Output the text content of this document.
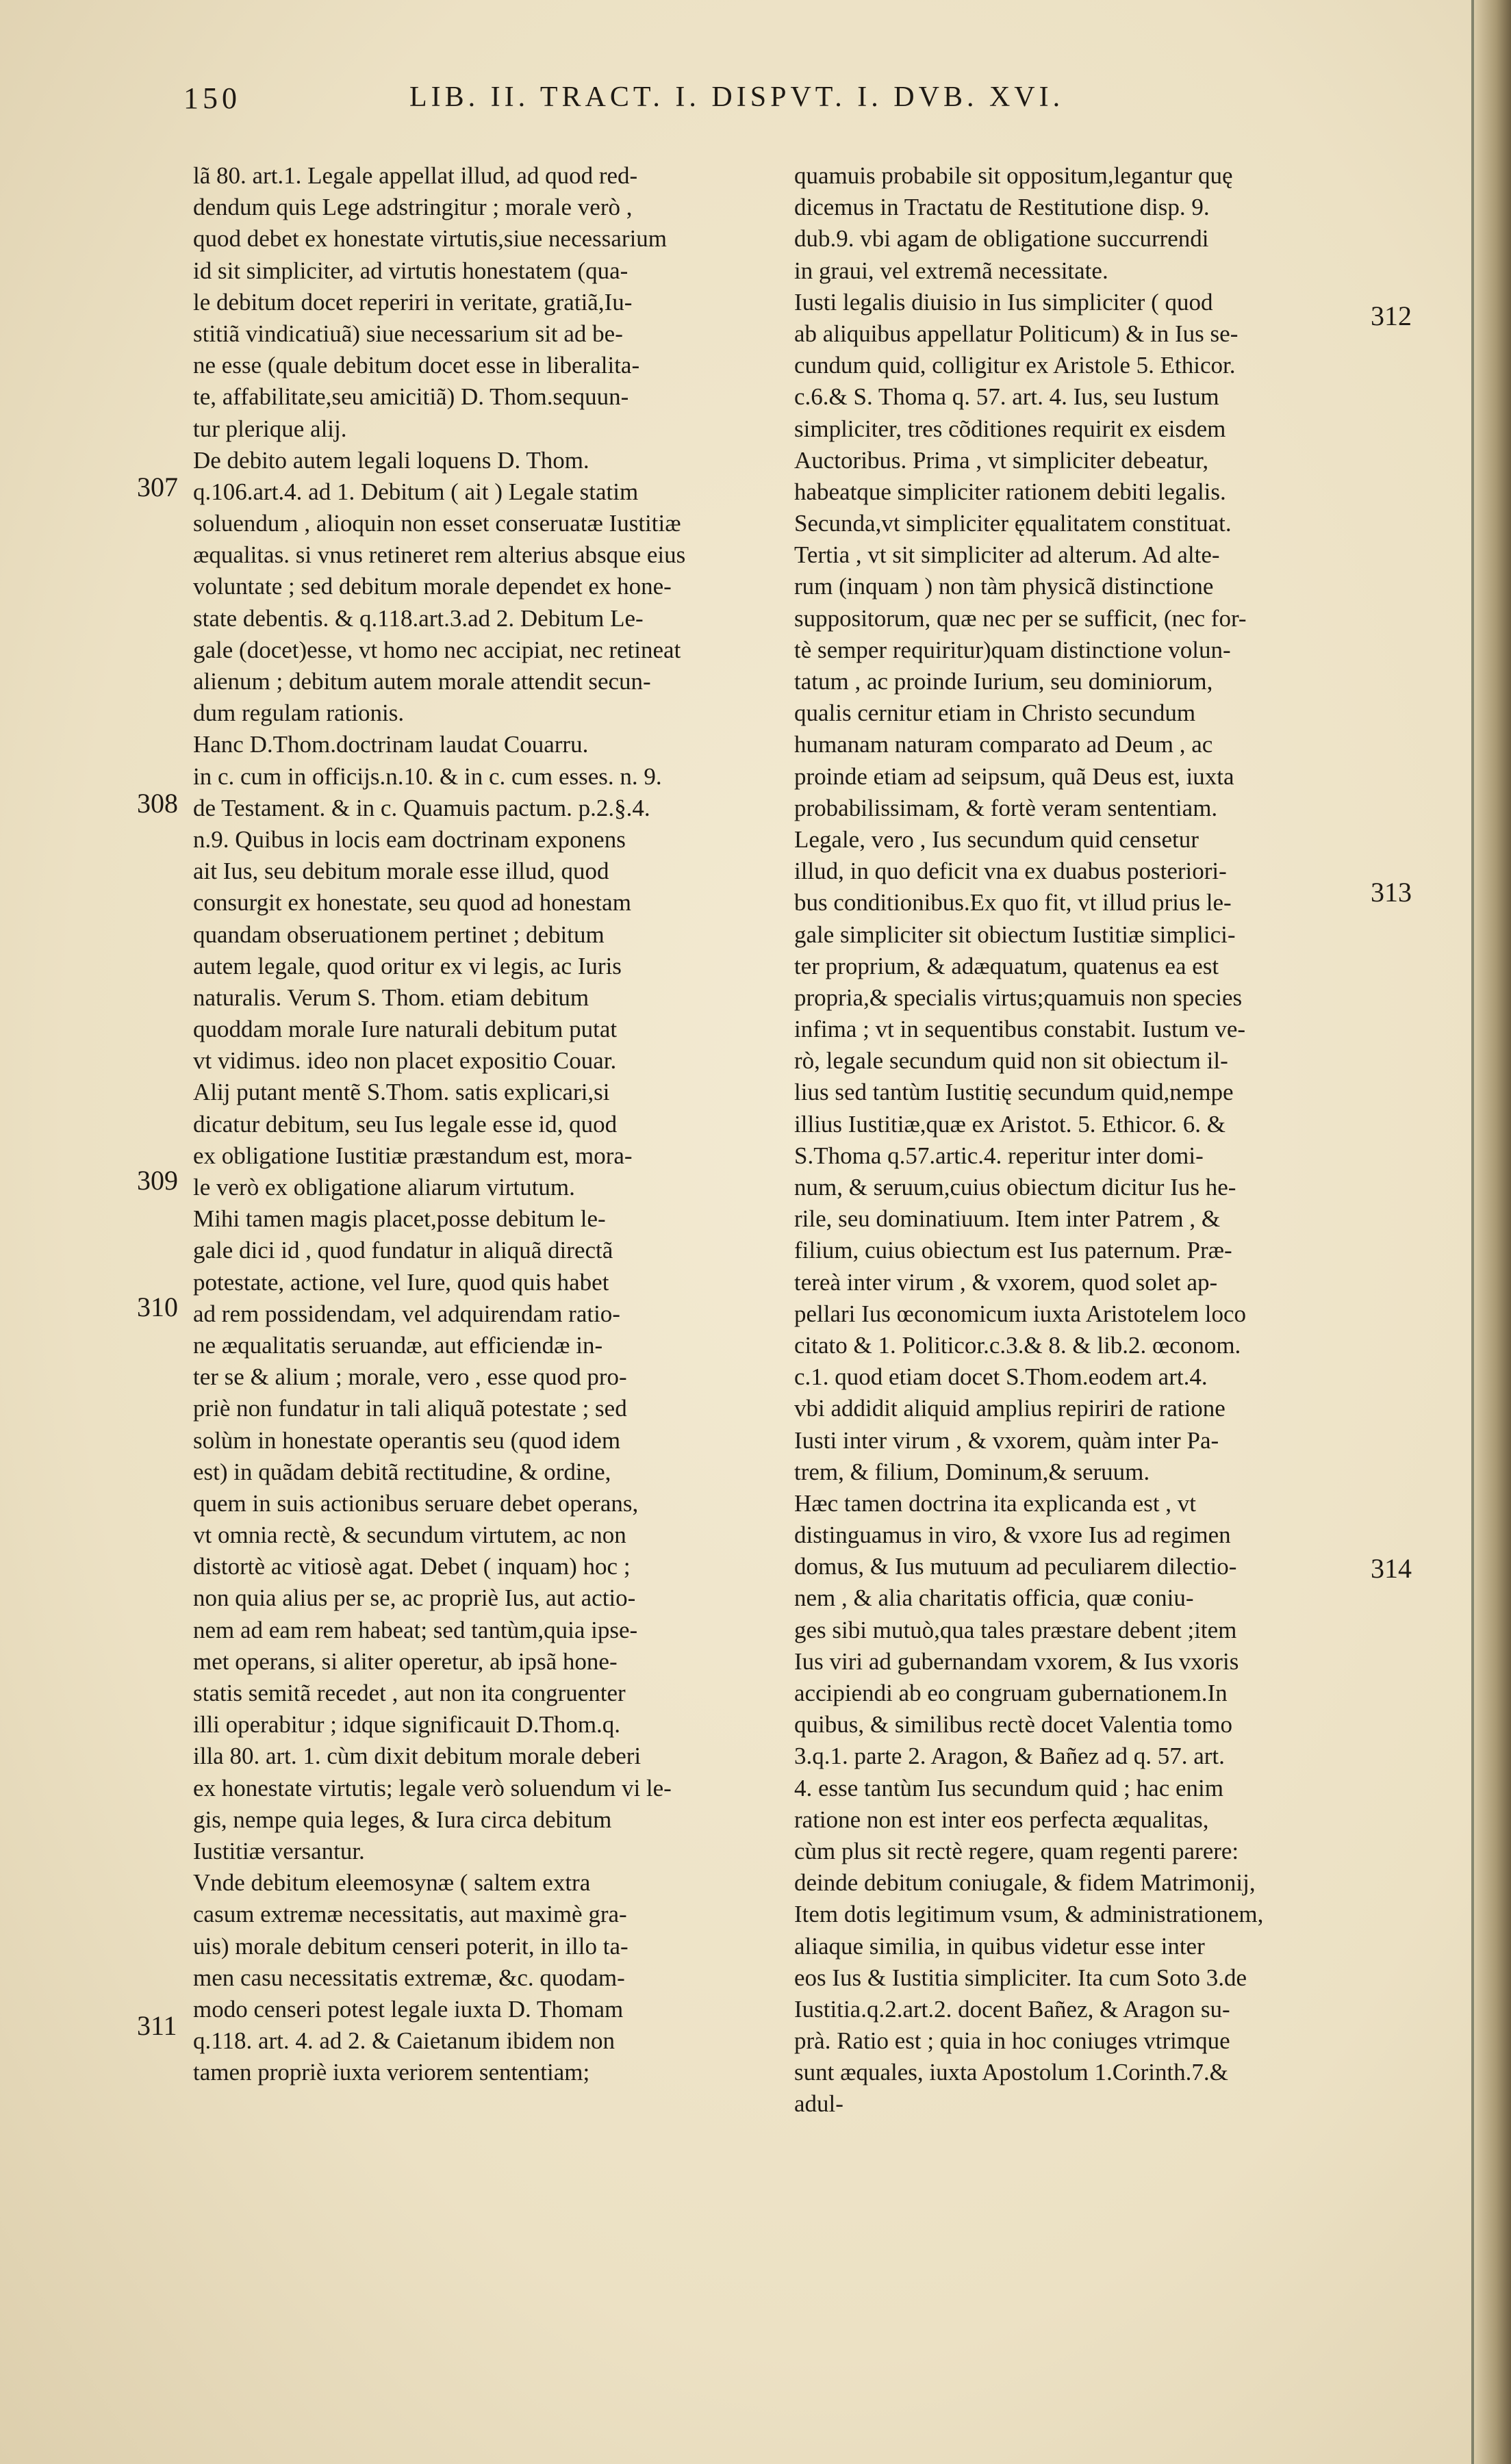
150	LIB. II. TRACT. I. DISPVT. I. DVB. XVI.
lã 80. art.1. Legale appellat illud, ad quod red-
dendum quis Lege adstringitur ; morale verò ,
quod debet ex honestate virtutis,siue necessarium
id sit simpliciter, ad virtutis honestatem (qua-
le debitum docet reperiri in veritate, gratiã,Iu-
stitiã vindicatiuã) siue necessarium sit ad be-
ne esse (quale debitum docet esse in liberalita-
te, affabilitate,seu amicitiã) D. Thom.sequun-
tur plerique alij.
De debito autem legali loquens D. Thom.
q.106.art.4. ad 1. Debitum ( ait ) Legale statim
soluendum , alioquin non esset conseruatæ Iustitiæ
æqualitas. si vnus retineret rem alterius absque eius
voluntate ; sed debitum morale dependet ex hone-
state debentis. & q.118.art.3.ad 2. Debitum Le-
gale (docet)esse, vt homo nec accipiat, nec retineat
alienum ; debitum autem morale attendit secun-
dum regulam rationis.
Hanc D.Thom.doctrinam laudat Couarru.
in c. cum in officijs.n.10. & in c. cum esses. n. 9.
de Testament. & in c. Quamuis pactum. p.2.§.4.
n.9. Quibus in locis eam doctrinam exponens
ait Ius, seu debitum morale esse illud, quod
consurgit ex honestate, seu quod ad honestam
quandam obseruationem pertinet ; debitum
autem legale, quod oritur ex vi legis, ac Iuris
naturalis. Verum S. Thom. etiam debitum
quoddam morale Iure naturali debitum putat
vt vidimus. ideo non placet expositio Couar.
Alij putant mentẽ S.Thom. satis explicari,si
dicatur debitum, seu Ius legale esse id, quod
ex obligatione Iustitiæ præstandum est, mora-
le verò ex obligatione aliarum virtutum.
Mihi tamen magis placet,posse debitum le-
gale dici id , quod fundatur in aliquã directã
potestate, actione, vel Iure, quod quis habet
ad rem possidendam, vel adquirendam ratio-
ne æqualitatis seruandæ, aut efficiendæ in-
ter se & alium ; morale, vero , esse quod pro-
priè non fundatur in tali aliquã potestate ; sed
solùm in honestate operantis seu (quod idem
est) in quãdam debitã rectitudine, & ordine,
quem in suis actionibus seruare debet operans,
vt omnia rectè, & secundum virtutem, ac non
distortè ac vitiosè agat. Debet ( inquam) hoc ;
non quia alius per se, ac propriè Ius, aut actio-
nem ad eam rem habeat; sed tantùm,quia ipse-
met operans, si aliter operetur, ab ipsã hone-
statis semitã recedet , aut non ita congruenter
illi operabitur ; idque significauit D.Thom.q.
illa 80. art. 1. cùm dixit debitum morale deberi
ex honestate virtutis; legale verò soluendum vi le-
gis, nempe quia leges, & Iura circa debitum
Iustitiæ versantur.
Vnde debitum eleemosynæ ( saltem extra
casum extremæ necessitatis, aut maximè gra-
uis) morale debitum censeri poterit, in illo ta-
men casu necessitatis extremæ, &c. quodam-
modo censeri potest legale iuxta D. Thomam
q.118. art. 4. ad 2. & Caietanum ibidem non
tamen propriè iuxta veriorem sententiam;
quamuis probabile sit oppositum,legantur quę
dicemus in Tractatu de Restitutione disp. 9.
dub.9. vbi agam de obligatione succurrendi
in graui, vel extremã necessitate.
Iusti legalis diuisio in Ius simpliciter ( quod
ab aliquibus appellatur Politicum) & in Ius se-
cundum quid, colligitur ex Aristole 5. Ethicor.
c.6.& S. Thoma q. 57. art. 4. Ius, seu Iustum
simpliciter, tres cõditiones requirit ex eisdem
Auctoribus. Prima , vt simpliciter debeatur,
habeatque simpliciter rationem debiti legalis.
Secunda,vt simpliciter ęqualitatem constituat.
Tertia , vt sit simpliciter ad alterum. Ad alte-
rum (inquam ) non tàm physicã distinctione
suppositorum, quæ nec per se sufficit, (nec for-
tè semper requiritur)quam distinctione volun-
tatum , ac proinde Iurium, seu dominiorum,
qualis cernitur etiam in Christo secundum
humanam naturam comparato ad Deum , ac
proinde etiam ad seipsum, quã Deus est, iuxta
probabilissimam, & fortè veram sententiam.
Legale, vero , Ius secundum quid censetur
illud, in quo deficit vna ex duabus posteriori-
bus conditionibus.Ex quo fit, vt illud prius le-
gale simpliciter sit obiectum Iustitiæ simplici-
ter proprium, & adæquatum, quatenus ea est
propria,& specialis virtus;quamuis non species
infima ; vt in sequentibus constabit. Iustum ve-
rò, legale secundum quid non sit obiectum il-
lius sed tantùm Iustitię secundum quid,nempe
illius Iustitiæ,quæ ex Aristot. 5. Ethicor. 6. &
S.Thoma q.57.artic.4. reperitur inter domi-
num, & seruum,cuius obiectum dicitur Ius he-
rile, seu dominatiuum. Item inter Patrem , &
filium, cuius obiectum est Ius paternum. Præ-
tereà inter virum , & vxorem, quod solet ap-
pellari Ius œconomicum iuxta Aristotelem loco
citato & 1. Politicor.c.3.& 8. & lib.2. œconom.
c.1. quod etiam docet S.Thom.eodem art.4.
vbi addidit aliquid amplius repiriri de ratione
Iusti inter virum , & vxorem, quàm inter Pa-
trem, & filium, Dominum,& seruum.
Hæc tamen doctrina ita explicanda est , vt
distinguamus in viro, & vxore Ius ad regimen
domus, & Ius mutuum ad peculiarem dilectio-
nem , & alia charitatis officia, quæ coniu-
ges sibi mutuò,qua tales præstare debent ;item
Ius viri ad gubernandam vxorem, & Ius vxoris
accipiendi ab eo congruam gubernationem.In
quibus, & similibus rectè docet Valentia tomo
3.q.1. parte 2. Aragon, & Bañez ad q. 57. art.
4. esse tantùm Ius secundum quid ; hac enim
ratione non est inter eos perfecta æqualitas,
cùm plus sit rectè regere, quam regenti parere:
deinde debitum coniugale, & fidem Matrimonij,
Item dotis legitimum vsum, & administrationem,
aliaque similia, in quibus videtur esse inter
eos Ius & Iustitia simpliciter. Ita cum Soto 3.de
Iustitia.q.2.art.2. docent Bañez, & Aragon su-
prà. Ratio est ; quia in hoc coniuges vtrimque
sunt æquales, iuxta Apostolum 1.Corinth.7.&
adul-
307
308
309
310
311
312
313
314
